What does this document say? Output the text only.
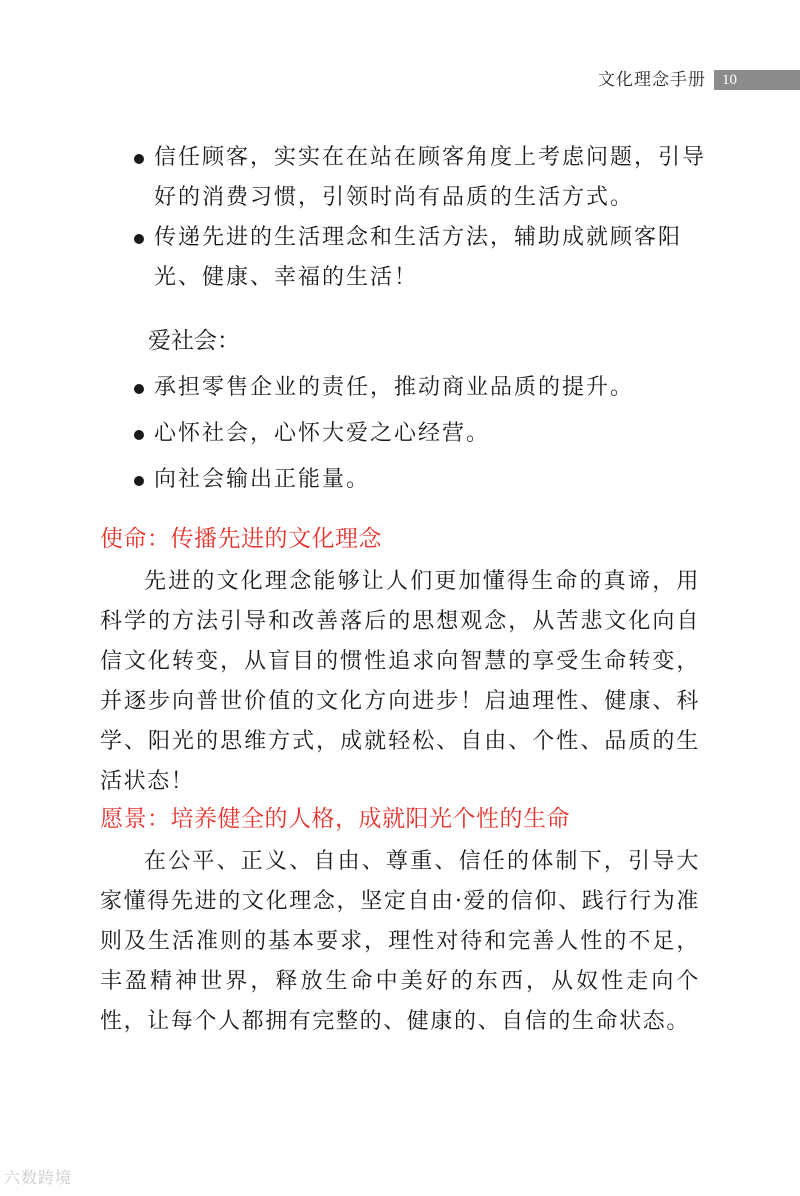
文化理念手册	10
信任顾客，实实在在站在顾客角度上考虑问题，引导好的消费习惯，引领时尚有品质的生活方式。
传递先进的生活理念和生活方法，辅助成就顾客阳光、健康、幸福的生活！
爱社会：
承担零售企业的责任，推动商业品质的提升。
心怀社会，心怀大爱之心经营。
向社会输出正能量。
使命：传播先进的文化理念
先进的文化理念能够让人们更加懂得生命的真谛，用科学的方法引导和改善落后的思想观念，从苦悲文化向自信文化转变，从盲目的惯性追求向智慧的享受生命转变，并逐步向普世价值的文化方向进步！启迪理性、健康、科学、阳光的思维方式，成就轻松、自由、个性、品质的生活状态！
愿景：培养健全的人格，成就阳光个性的生命
在公平、正义、自由、尊重、信任的体制下，引导大家懂得先进的文化理念，坚定自由·爱的信仰、践行行为准则及生活准则的基本要求，理性对待和完善人性的不足，丰盈精神世界，释放生命中美好的东西，从奴性走向个性，让每个人都拥有完整的、健康的、自信的生命状态。
六数跨境
